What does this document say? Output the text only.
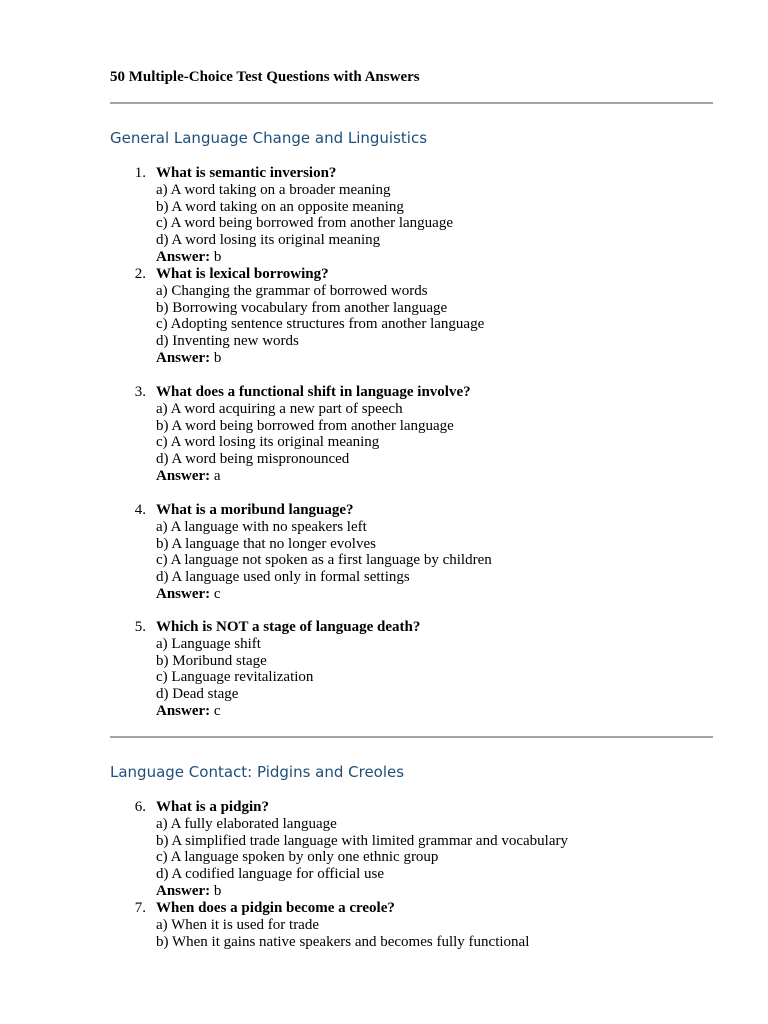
50 Multiple-Choice Test Questions with Answers
General Language Change and Linguistics
1. What is semantic inversion?
a) A word taking on a broader meaning
b) A word taking on an opposite meaning
c) A word being borrowed from another language
d) A word losing its original meaning
Answer: b
2. What is lexical borrowing?
a) Changing the grammar of borrowed words
b) Borrowing vocabulary from another language
c) Adopting sentence structures from another language
d) Inventing new words
Answer: b
3. What does a functional shift in language involve?
a) A word acquiring a new part of speech
b) A word being borrowed from another language
c) A word losing its original meaning
d) A word being mispronounced
Answer: a
4. What is a moribund language?
a) A language with no speakers left
b) A language that no longer evolves
c) A language not spoken as a first language by children
d) A language used only in formal settings
Answer: c
5. Which is NOT a stage of language death?
a) Language shift
b) Moribund stage
c) Language revitalization
d) Dead stage
Answer: c
Language Contact: Pidgins and Creoles
6. What is a pidgin?
a) A fully elaborated language
b) A simplified trade language with limited grammar and vocabulary
c) A language spoken by only one ethnic group
d) A codified language for official use
Answer: b
7. When does a pidgin become a creole?
a) When it is used for trade
b) When it gains native speakers and becomes fully functional
